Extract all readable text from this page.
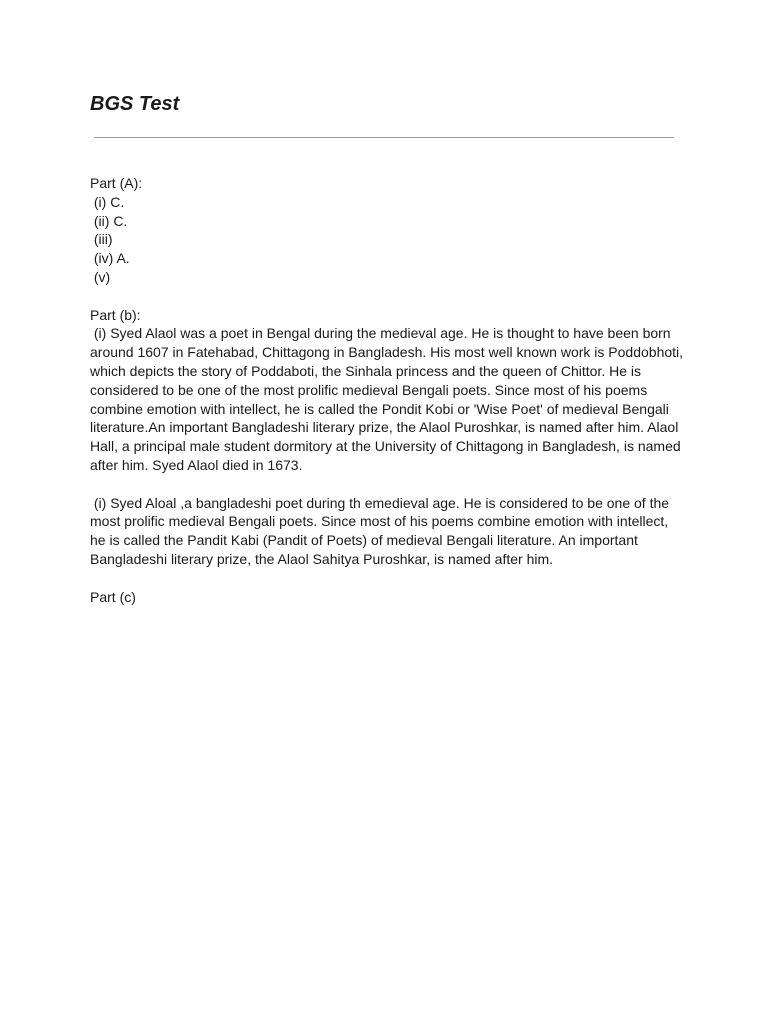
BGS Test
Part (A):
(i) C.
(ii) C.
(iii)
(iv) A.
(v)
Part (b):
(i) Syed Alaol was a poet in Bengal during the medieval age. He is thought to have been born
around 1607 in Fatehabad, Chittagong in Bangladesh. His most well known work is Poddobhoti,
which depicts the story of Poddaboti, the Sinhala princess and the queen of Chittor. He is
considered to be one of the most prolific medieval Bengali poets. Since most of his poems
combine emotion with intellect, he is called the Pondit Kobi or 'Wise Poet' of medieval Bengali
literature.An important Bangladeshi literary prize, the Alaol Puroshkar, is named after him. Alaol
Hall, a principal male student dormitory at the University of Chittagong in Bangladesh, is named
after him. Syed Alaol died in 1673.
(i) Syed Aloal ,a bangladeshi poet during th emedieval age. He is considered to be one of the
most prolific medieval Bengali poets. Since most of his poems combine emotion with intellect,
he is called the Pandit Kabi (Pandit of Poets) of medieval Bengali literature. An important
Bangladeshi literary prize, the Alaol Sahitya Puroshkar, is named after him.
Part (c)
